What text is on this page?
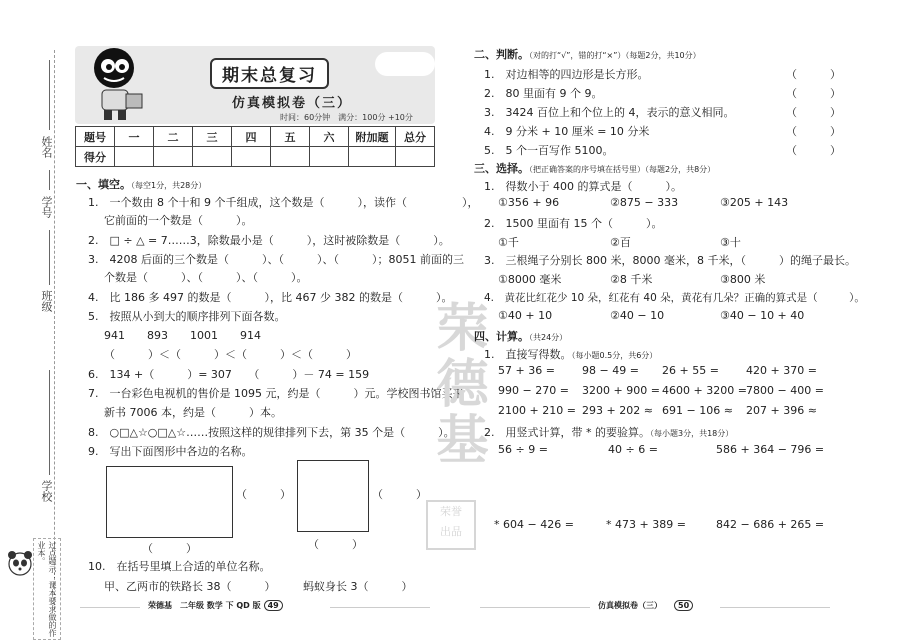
姓名
学号
班级
学校
过点题示：课本要求做的作业本。
期末总复习
仿真模拟卷（三）
时间：60分钟　满分：100分 +10分
题号	一	二	三	四	五	六	附加题	总分
得分								
一、填空。（每空1分，共28分）
1.　一个数由 8 个十和 9 个千组成，这个数是（　　　），读作（　　　　　），
它前面的一个数是（　　　）。
2.　□ ÷ △ = 7……3，除数最小是（　　　），这时被除数是（　　　）。
3.　4208 后面的三个数是（　　　）、（　　　）、（　　　）；8051 前面的三
个数是（　　　）、（　　　）、（　　　）。
4.　比 186 多 497 的数是（　　　），比 467 少 382 的数是（　　　）。
5.　按照从小到大的顺序排列下面各数。
941　　893　　1001　　914
（　　　）＜（　　　）＜（　　　）＜（　　　）
6.　134 +（　　　）= 307　　（　　　）－ 74 = 159
7.　一台彩色电视机的售价是 1095 元，约是（　　　）元。学校图书馆买来
新书 7006 本，约是（　　　）本。
8.　○□△☆○□△☆……按照这样的规律排列下去，第 35 个是（　　　）。
9.　写出下面图形中各边的名称。
（　　　）
（　　　）
（　　　）
（　　　）
10.　在括号里填上合适的单位名称。
甲、乙两市的铁路长 38（　　　）　　　蚂蚁身长 3（　　　）
荣德基
荣誉
出品
二、判断。（对的打“√”，错的打“×”）（每题2分，共10分）
1.　对边相等的四边形是长方形。	（　　　）
2.　80 里面有 9 个 9。	（　　　）
3.　3424 百位上和个位上的 4，表示的意义相同。	（　　　）
4.　9 分米 + 10 厘米 = 10 分米	（　　　）
5.　5 个一百写作 5100。	（　　　）
三、选择。（把正确答案的序号填在括号里）（每题2分，共8分）
1.　得数小于 400 的算式是（　　　）。
①356 + 96	②875 − 333	③205 + 143
2.　1500 里面有 15 个（　　　）。
①千	②百	③十
3.　三根绳子分别长 800 米，8000 毫米，8 千米，（　　　）的绳子最长。
①8000 毫米	②8 千米	③800 米
4.　黄花比红花少 10 朵，红花有 40 朵，黄花有几朵？正确的算式是（　　　）。
①40 + 10	②40 − 10	③40 − 10 + 40
四、计算。（共24分）
1.　直接写得数。（每小题0.5分，共6分）
57 + 36 = 98 − 49 = 26 + 55 = 420 + 370 =
990 − 270 = 3200 + 900 = 4600 + 3200 = 7800 − 400 =
2100 + 210 = 293 + 202 ≈ 691 − 106 ≈ 207 + 396 ≈
2.　用竖式计算，带 * 的要验算。（每小题3分，共18分）
56 ÷ 9 =	40 ÷ 6 =	586 + 364 − 796 =
* 604 − 426 =	* 473 + 389 =	842 − 686 + 265 =
荣德基　二年级 数学 下 QD 版 49	仿真模拟卷（三） 50
